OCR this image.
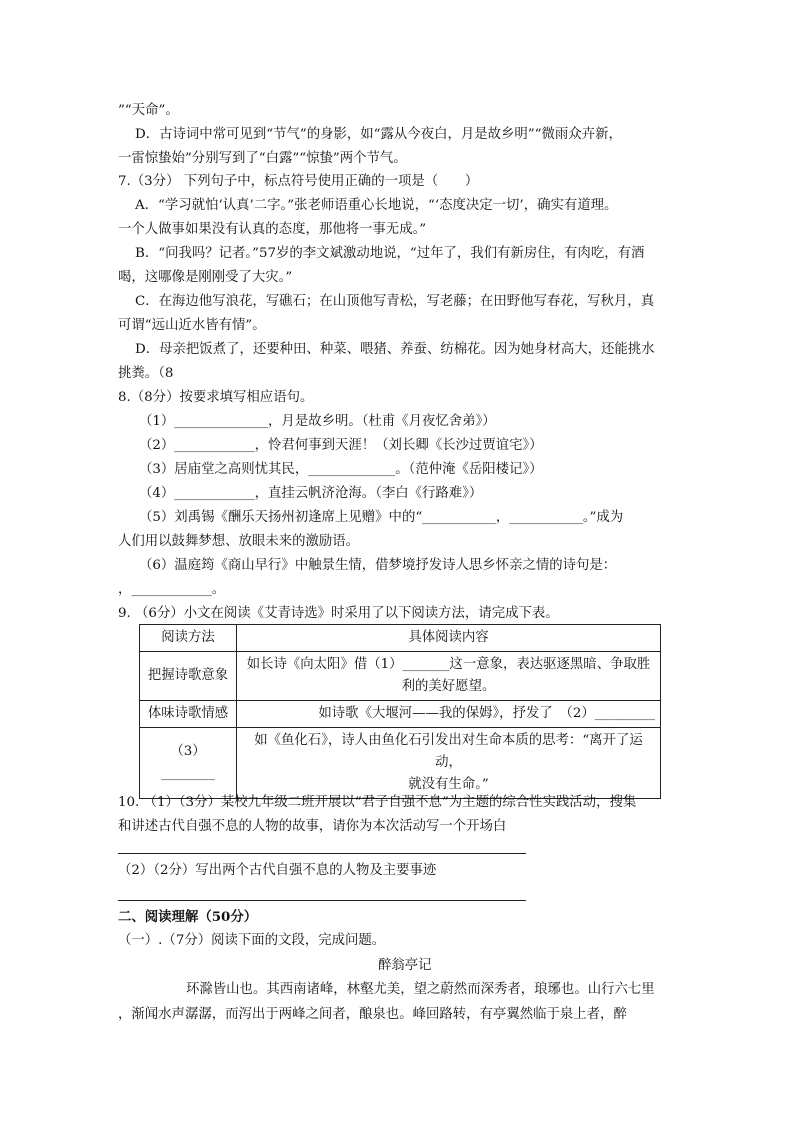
”“天命”。
D．古诗词中常可见到“节气”的身影，如“露从今夜白，月是故乡明”“微雨众卉新，
一雷惊蛰始”分别写到了“白露”“惊蛰”两个节气。
7.（3分） 下列句子中，标点符号使用正确的一项是（　　）
A．“学习就怕‘认真’二字。”张老师语重心长地说，“‘态度决定一切’，确实有道理。
一个人做事如果没有认真的态度，那他将一事无成。”
B．“问我吗？记者。”57岁的李文斌激动地说，“过年了，我们有新房住，有肉吃，有酒
喝，这哪像是刚刚受了大灾。”
C．在海边他写浪花，写礁石；在山顶他写青松，写老藤；在田野他写春花，写秋月，真
可谓“远山近水皆有情”。
D．母亲把饭煮了，还要种田、种菜、喂猪、养蚕、纺棉花。因为她身材高大，还能挑水
挑粪。（8
8.（8分）按要求填写相应语句。
（1）______________，月是故乡明。（杜甫《月夜忆舍弟》）
（2）____________，怜君何事到天涯！（刘长卿《长沙过贾谊宅》）
（3）居庙堂之高则忧其民，_____________。（范仲淹《岳阳楼记》）
（4）____________，直挂云帆济沧海。（李白《行路难》）
（5）刘禹锡《酬乐天扬州初逢席上见赠》中的“___________，___________。”成为
人们用以鼓舞梦想、放眼未来的激励语。
（6）温庭筠《商山早行》中触景生情，借梦境抒发诗人思乡怀亲之情的诗句是：
，____________。
9. （6分）小文在阅读《艾青诗选》时采用了以下阅读方法，请完成下表。
阅读方法	具体阅读内容
把握诗歌意象	如长诗《向太阳》借（1）_______这一意象，表达驱逐黑暗、争取胜
利的美好愿望。

体味诗歌情感	如诗歌《大堰河——我的保姆》，抒发了　（2）_________
（3）________	如《鱼化石》，诗人由鱼化石引发出对生命本质的思考：“离开了运动，
就没有生命。”
10. （1）（3分）某校九年级二班开展以“君子自强不息”为主题的综合性实践活动，搜集
和讲述古代自强不息的人物的故事，请你为本次活动写一个开场白
（2）（2分）写出两个古代自强不息的人物及主要事迹
二、阅读理解（50分）
（一）.（7分）阅读下面的文段，完成问题。
醉翁亭记
环滁皆山也。其西南诸峰，林壑尤美，望之蔚然而深秀者，琅琊也。山行六七里
，渐闻水声潺潺，而泻出于两峰之间者，酿泉也。峰回路转，有亭翼然临于泉上者，醉
